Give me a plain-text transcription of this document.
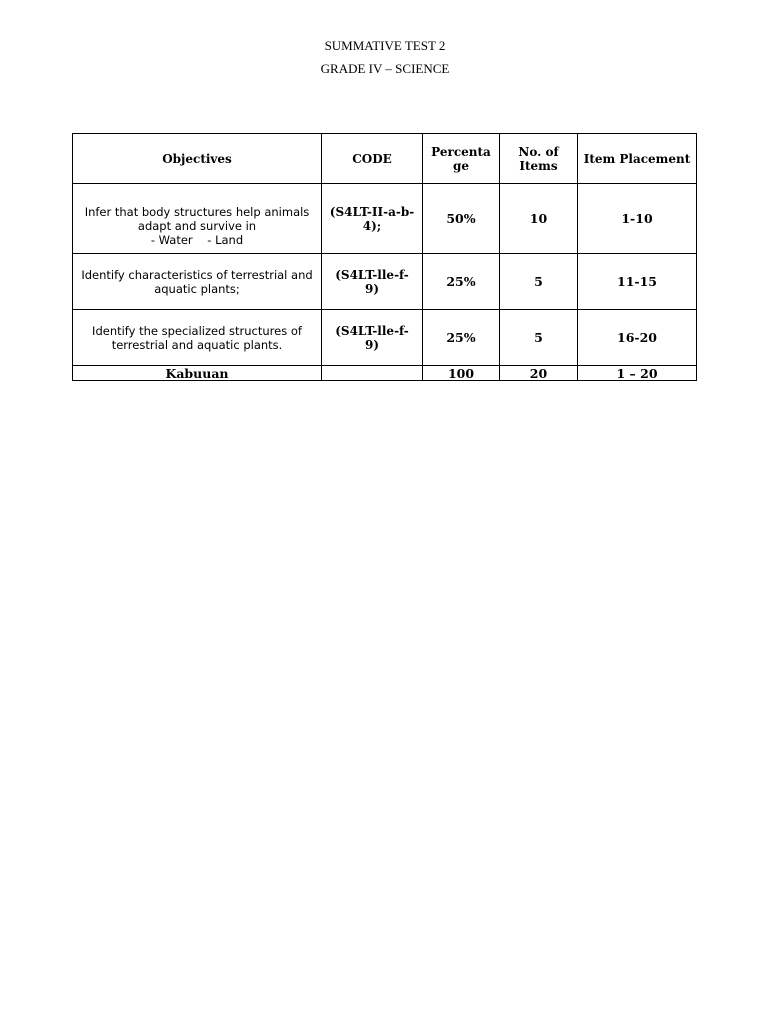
SUMMATIVE TEST 2
GRADE IV – SCIENCE
Objectives	CODE	Percenta ge	No. of Items	Item Placement

Infer that body structures help animals
adapt and survive in
- Water    - Land	(S4LT-II-a-b-
4);	50%	10	1-10

Identify characteristics of terrestrial and
aquatic plants;	(S4LT-lle-f-
9)	25%	5	11-15

Identify the specialized structures of
terrestrial and aquatic plants.	(S4LT-lle-f-
9)	25%	5	16-20
Kabuuan		100	20	1 – 20
